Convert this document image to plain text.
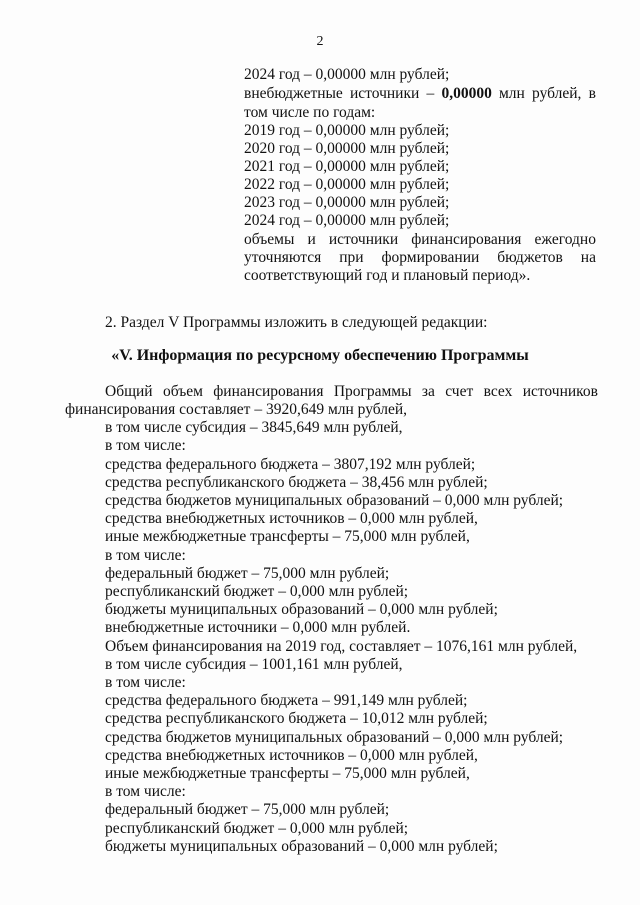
2
2024 год – 0,00000 млн рублей;
внебюджетные источники – 0,00000 млн рублей, в
том числе по годам:
2019 год – 0,00000 млн рублей;
2020 год – 0,00000 млн рублей;
2021 год – 0,00000 млн рублей;
2022 год – 0,00000 млн рублей;
2023 год – 0,00000 млн рублей;
2024 год – 0,00000 млн рублей;
объемы и источники финансирования ежегодно
уточняются при формировании бюджетов на
соответствующий год и плановый период».
2. Раздел V Программы изложить в следующей редакции:
«V. Информация по ресурсному обеспечению Программы
Общий объем финансирования Программы за счет всех источников
финансирования составляет – 3920,649 млн рублей,
в том числе субсидия – 3845,649 млн рублей,
в том числе:
средства федерального бюджета – 3807,192 млн рублей;
средства республиканского бюджета – 38,456 млн рублей;
средства бюджетов муниципальных образований – 0,000 млн рублей;
средства внебюджетных источников – 0,000 млн рублей,
иные межбюджетные трансферты – 75,000 млн рублей,
в том числе:
федеральный бюджет – 75,000 млн рублей;
республиканский бюджет – 0,000 млн рублей;
бюджеты муниципальных образований – 0,000 млн рублей;
внебюджетные источники – 0,000 млн рублей.
Объем финансирования на 2019 год, составляет – 1076,161 млн рублей,
в том числе субсидия – 1001,161 млн рублей,
в том числе:
средства федерального бюджета – 991,149 млн рублей;
средства республиканского бюджета – 10,012 млн рублей;
средства бюджетов муниципальных образований – 0,000 млн рублей;
средства внебюджетных источников – 0,000 млн рублей,
иные межбюджетные трансферты – 75,000 млн рублей,
в том числе:
федеральный бюджет – 75,000 млн рублей;
республиканский бюджет – 0,000 млн рублей;
бюджеты муниципальных образований – 0,000 млн рублей;
